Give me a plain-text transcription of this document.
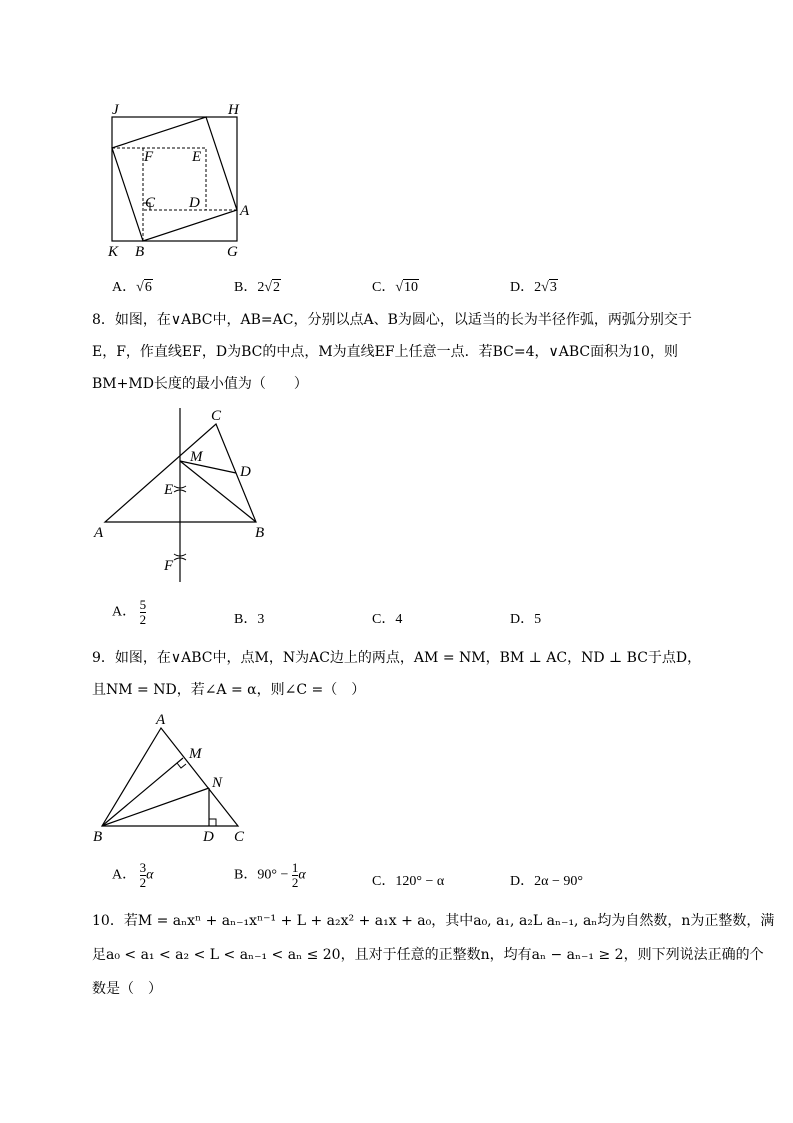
J	H
F	E
C D	A
K B	G
A．√6	B．2√2	C．√10	D．2√3
8．如图，在∨ABC中，AB=AC，分别以点A、B为圆心，以适当的长为半径作弧，两弧分别交于
E，F，作直线EF，D为BC的中点，M为直线EF上任意一点．若BC=4，∨ABC面积为10，则
BM+MD长度的最小值为（　　）
C
M
D
E
A	B
F
A． $\frac{5}{2}$	B．3	C．4	D．5
9．如图，在∨ABC中，点M，N为AC边上的两点，AM = NM，BM ⊥ AC，ND ⊥ BC于点D，
且NM = ND，若∠A = α，则∠C =（　）
A
M
N
B	D C
A． $\frac{3}{2}$ α	B．$90^\circ - \frac{1}{2}$ α	C．120° − α	D．2α − 90°
10．若M = aₙxⁿ + aₙ₋₁xⁿ⁻¹ + L + a₂x² + a₁x + a₀，其中a₀, a₁, a₂L aₙ₋₁, aₙ均为自然数，n为正整数，满
足a₀ < a₁ < a₂ < L < aₙ₋₁ < aₙ ≤ 20，且对于任意的正整数n，均有aₙ − aₙ₋₁ ≥ 2，则下列说法正确的个
数是（　）
